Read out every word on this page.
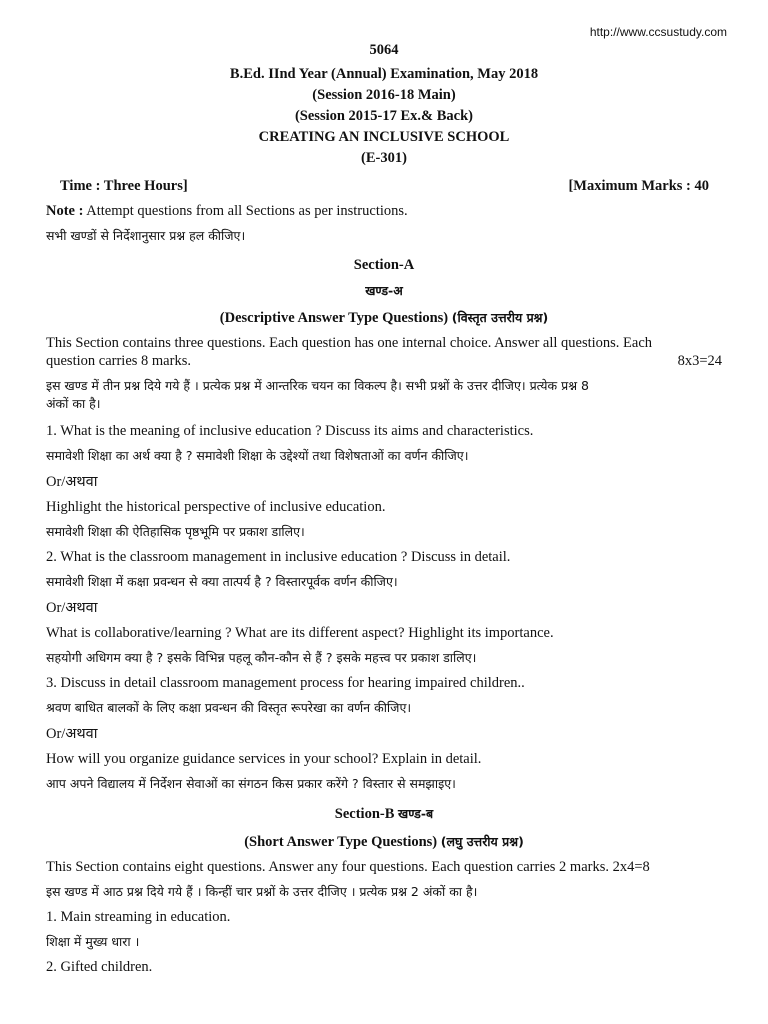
http://www.ccsustudy.com
5064
B.Ed. IInd Year (Annual) Examination, May 2018
(Session 2016-18 Main)
(Session 2015-17 Ex.& Back)
CREATING AN INCLUSIVE SCHOOL
(E-301)
Time : Three Hours]	[Maximum Marks : 40

Note : Attempt questions from all Sections as per instructions.

सभी खण्डों से निर्देशानुसार प्रश्न हल कीजिए।

Section-A
खण्ड-अ
(Descriptive Answer Type Questions) (विस्तृत उत्तरीय प्रश्न)

This Section contains three questions. Each question has one internal choice. Answer all questions. Each

question carries 8 marks.	8x3=24

इस खण्ड में तीन प्रश्न दिये गये हैं । प्रत्येक प्रश्न में आन्तरिक चयन का विकल्प है। सभी प्रश्नों के उत्तर दीजिए। प्रत्येक प्रश्न 8

अंकों का है।

1. What is the meaning of inclusive education ? Discuss its aims and characteristics.

समावेशी शिक्षा का अर्थ क्या है ? समावेशी शिक्षा के उद्देश्यों तथा विशेषताओं का वर्णन कीजिए।

Or/अथवा

Highlight the historical perspective of inclusive education.

समावेशी शिक्षा की ऐतिहासिक पृष्ठभूमि पर प्रकाश डालिए।

2. What is the classroom management in inclusive education ? Discuss in detail.

समावेशी शिक्षा में कक्षा प्रवन्धन से क्या तात्पर्य है ? विस्तारपूर्वक वर्णन कीजिए।

Or/अथवा

What is collaborative/learning ? What are its different aspect? Highlight its importance.

सहयोगी अधिगम क्या है ? इसके विभिन्न पहलू कौन-कौन से हैं ? इसके महत्त्व पर प्रकाश डालिए।

3. Discuss in detail classroom management process for hearing impaired children..

श्रवण बाधित बालकों के लिए कक्षा प्रवन्धन की विस्तृत रूपरेखा का वर्णन कीजिए।

Or/अथवा

How will you organize guidance services in your school? Explain in detail.

आप अपने विद्यालय में निर्देशन सेवाओं का संगठन किस प्रकार करेंगे ? विस्तार से समझाइए।

Section-B खण्ड-ब
(Short Answer Type Questions) (लघु उत्तरीय प्रश्न)

This Section contains eight questions. Answer any four questions. Each question carries 2 marks. 2x4=8

इस खण्ड में आठ प्रश्न दिये गये हैं । किन्हीं चार प्रश्नों के उत्तर दीजिए । प्रत्येक प्रश्न 2 अंकों का है।

1. Main streaming in education.

शिक्षा में मुख्य धारा ।

2. Gifted children.
